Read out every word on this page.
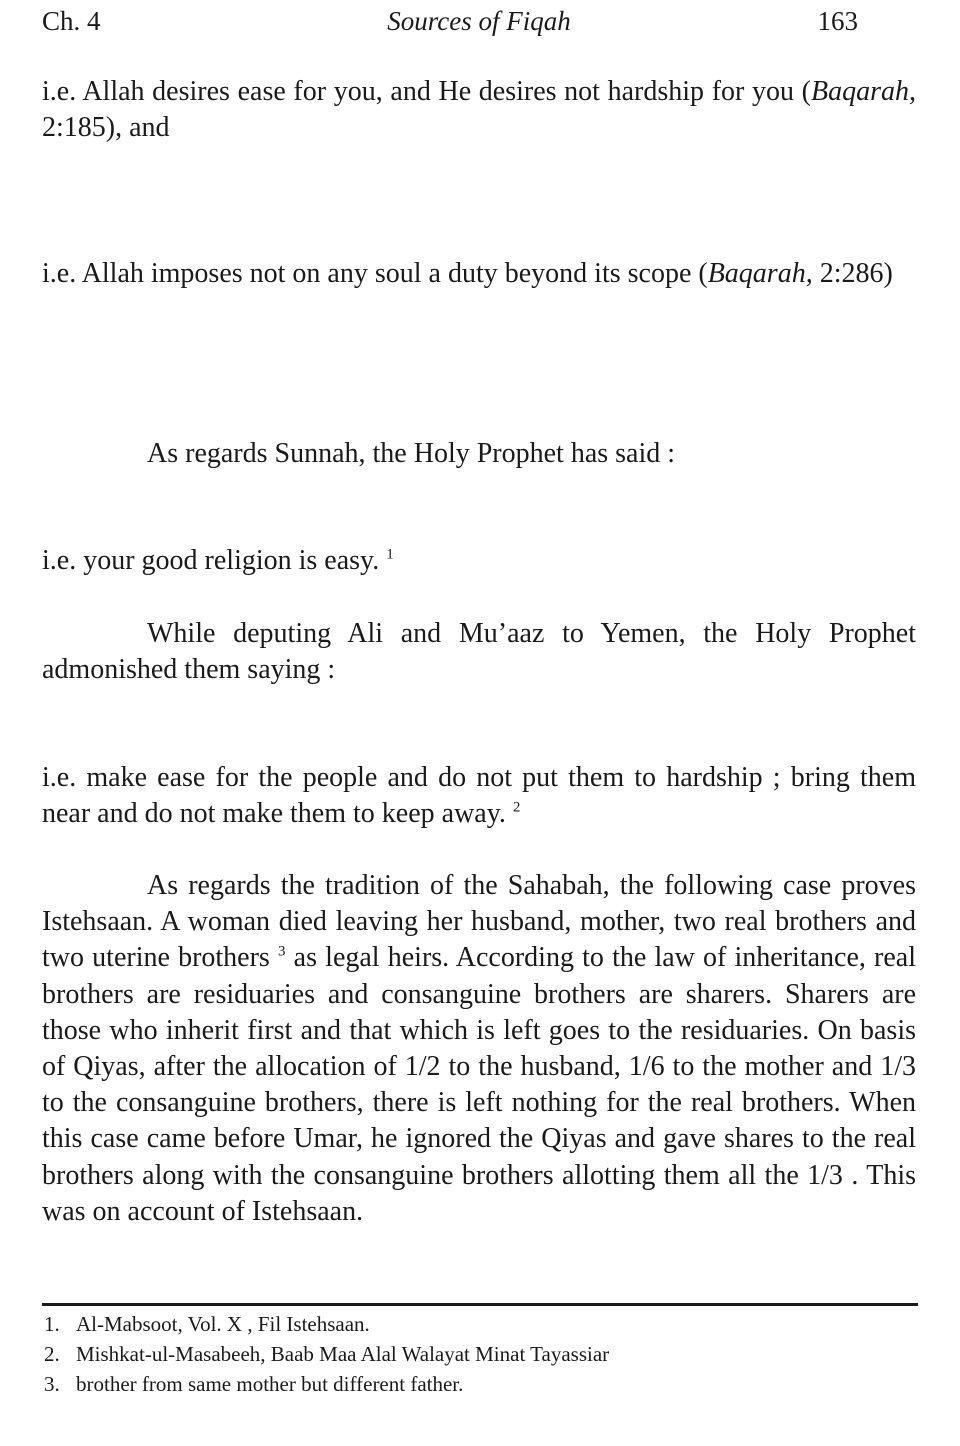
Ch. 4	Sources of Fiqah	163

i.e. Allah desires ease for you, and He desires not hardship for you (Baqarah, 2:185), and

i.e. Allah imposes not on any soul a duty beyond its scope (Baqarah, 2:286)

As regards Sunnah, the Holy Prophet has said :

i.e. your good religion is easy. $^1$

While deputing Ali and Mu’aaz to Yemen, the Holy Prophet admonished them saying :

i.e. make ease for the people and do not put them to hardship ; bring them near and do not make them to keep away. $^2$

As regards the tradition of the Sahabah, the following case proves Istehsaan. A woman died leaving her husband, mother, two real brothers and two uterine brothers $^3$ as legal heirs. According to the law of inheritance, real brothers are residuaries and consanguine brothers are sharers. Sharers are those who inherit first and that which is left goes to the residuaries. On basis of Qiyas, after the allocation of 1/2 to the husband, 1/6 to the mother and 1/3 to the consanguine brothers, there is left nothing for the real brothers. When this case came before Umar, he ignored the Qiyas and gave shares to the real brothers along with the consanguine brothers allotting them all the 1/3 . This was on account of Istehsaan.

1. Al-Mabsoot, Vol. X , Fil Istehsaan.
2. Mishkat-ul-Masabeeh, Baab Maa Alal Walayat Minat Tayassiar
3. brother from same mother but different father.
